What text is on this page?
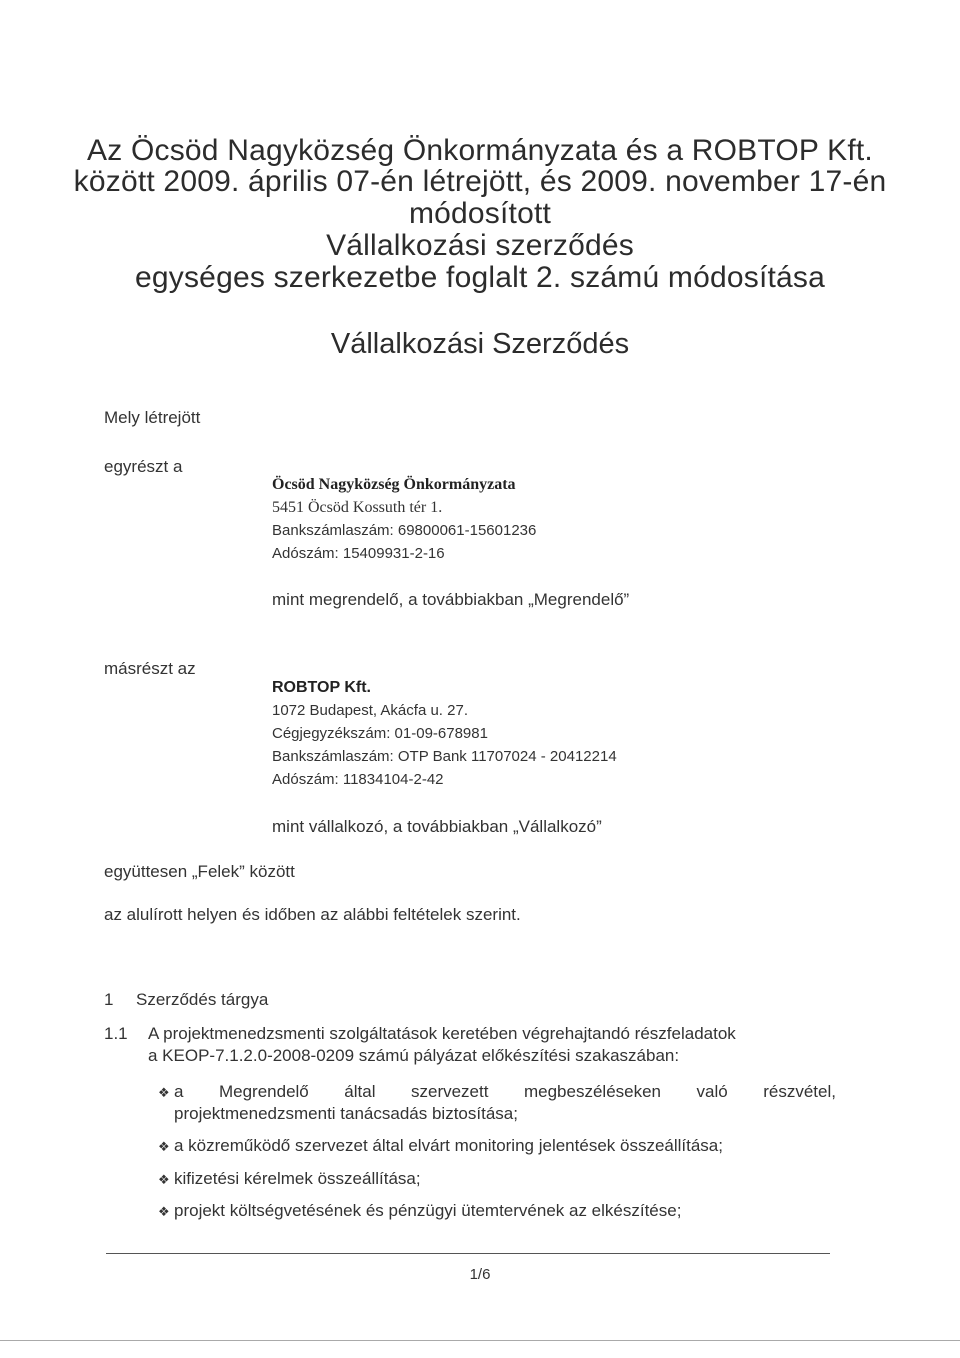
Az Öcsöd Nagyközség Önkormányzata és a ROBTOP Kft.
között 2009. április 07-én létrejött, és 2009. november 17-én
módosított
Vállalkozási szerződés
egységes szerkezetbe foglalt 2. számú módosítása
Vállalkozási Szerződés
Mely létrejött
egyrészt a
Öcsöd Nagyközség Önkormányzata
5451 Öcsöd Kossuth tér 1.
Bankszámlaszám: 69800061-15601236
Adószám: 15409931-2-16
mint megrendelő, a továbbiakban „Megrendelő”
másrészt az
ROBTOP Kft.
1072 Budapest, Akácfa u. 27.
Cégjegyzékszám: 01-09-678981
Bankszámlaszám: OTP Bank 11707024 - 20412214
Adószám: 11834104-2-42
mint vállalkozó, a továbbiakban „Vállalkozó”
együttesen „Felek” között
az alulírott helyen és időben az alábbi feltételek szerint.
1 Szerződés tárgya
1.1 A projektmenedzsmenti szolgáltatások keretében végrehajtandó részfeladatok
a KEOP-7.1.2.0-2008-0209 számú pályázat előkészítési szakaszában:
❖ a Megrendelő által szervezett megbeszéléseken való részvétel,
projektmenedzsmenti tanácsadás biztosítása;
❖ a közreműködő szervezet által elvárt monitoring jelentések összeállítása;
❖ kifizetési kérelmek összeállítása;
❖ projekt költségvetésének és pénzügyi ütemtervének az elkészítése;
1/6
